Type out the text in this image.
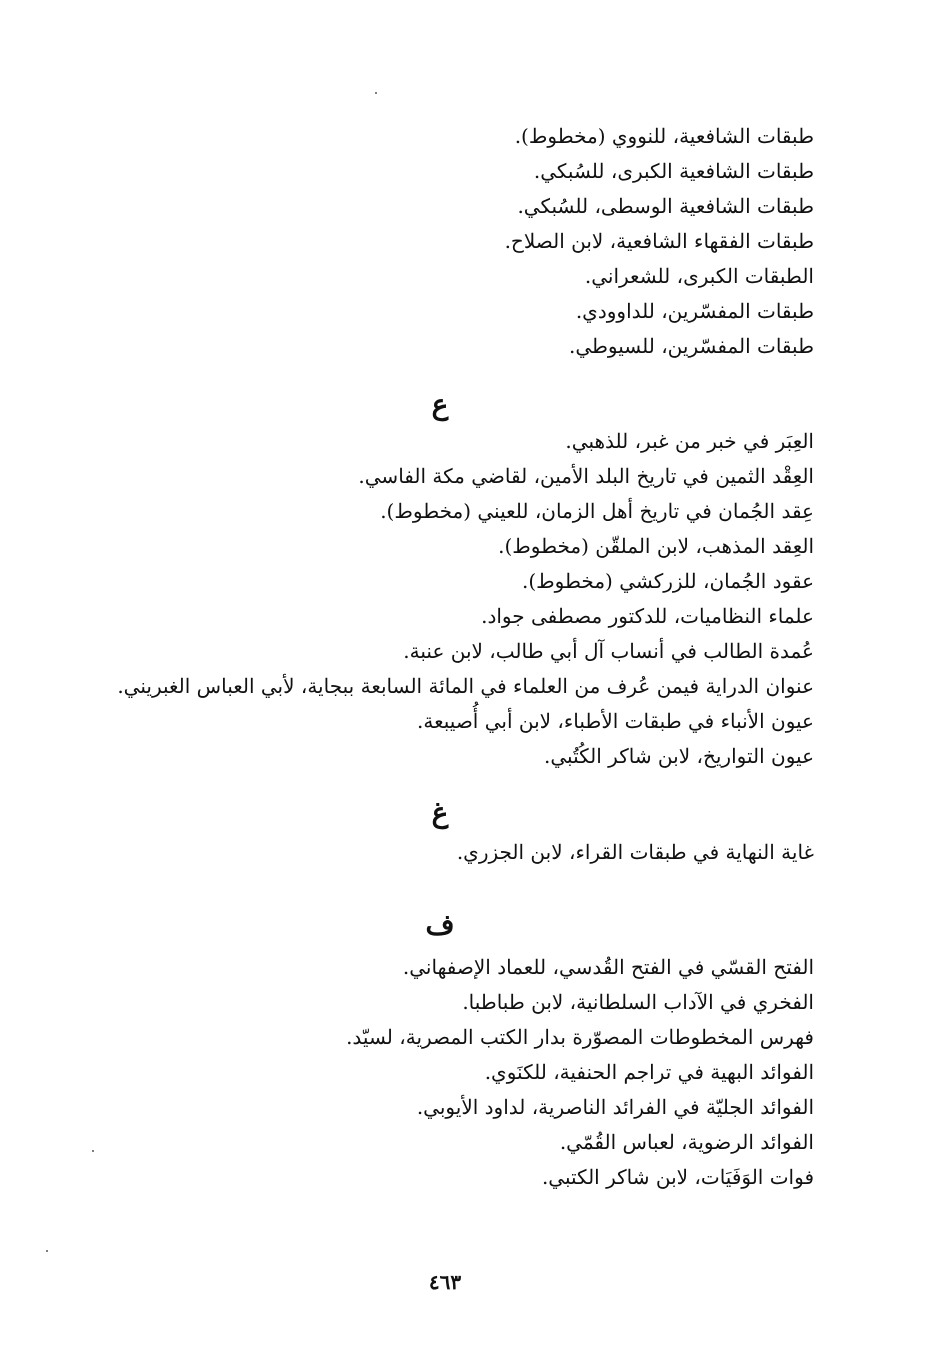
طبقات الشافعية، للنووي (مخطوط).
طبقات الشافعية الكبرى، للسُبكي.
طبقات الشافعية الوسطى، للسُبكي.
طبقات الفقهاء الشافعية، لابن الصلاح.
الطبقات الكبرى، للشعراني.
طبقات المفسّرين، للداوودي.
طبقات المفسّرين، للسيوطي.
ع
العِبَر في خبر من غبر، للذهبي.
العِقْد الثمين في تاريخ البلد الأمين، لقاضي مكة الفاسي.
عِقد الجُمان في تاريخ أهل الزمان، للعيني (مخطوط).
العِقد المذهب، لابن الملقّن (مخطوط).
عقود الجُمان، للزركشي (مخطوط).
علماء النظاميات، للدكتور مصطفى جواد.
عُمدة الطالب في أنساب آل أبي طالب، لابن عنبة.
عنوان الدراية فيمن عُرف من العلماء في المائة السابعة ببجاية، لأبي العباس الغبريني.
عيون الأنباء في طبقات الأطباء، لابن أبي أُصيبعة.
عيون التواريخ، لابن شاكر الكُتُبي.
غ
غاية النهاية في طبقات القراء، لابن الجزري.
ف
الفتح القسّي في الفتح القُدسي، للعماد الإصفهاني.
الفخري في الآداب السلطانية، لابن طباطبا.
فهرس المخطوطات المصوّرة بدار الكتب المصرية، لسيّد.
الفوائد البهية في تراجم الحنفية، للكنَوي.
الفوائد الجليّة في الفرائد الناصرية، لداود الأيوبي.
الفوائد الرضوية، لعباس القُمّي.
فوات الوَفَيَات، لابن شاكر الكتبي.
٤٦٣
